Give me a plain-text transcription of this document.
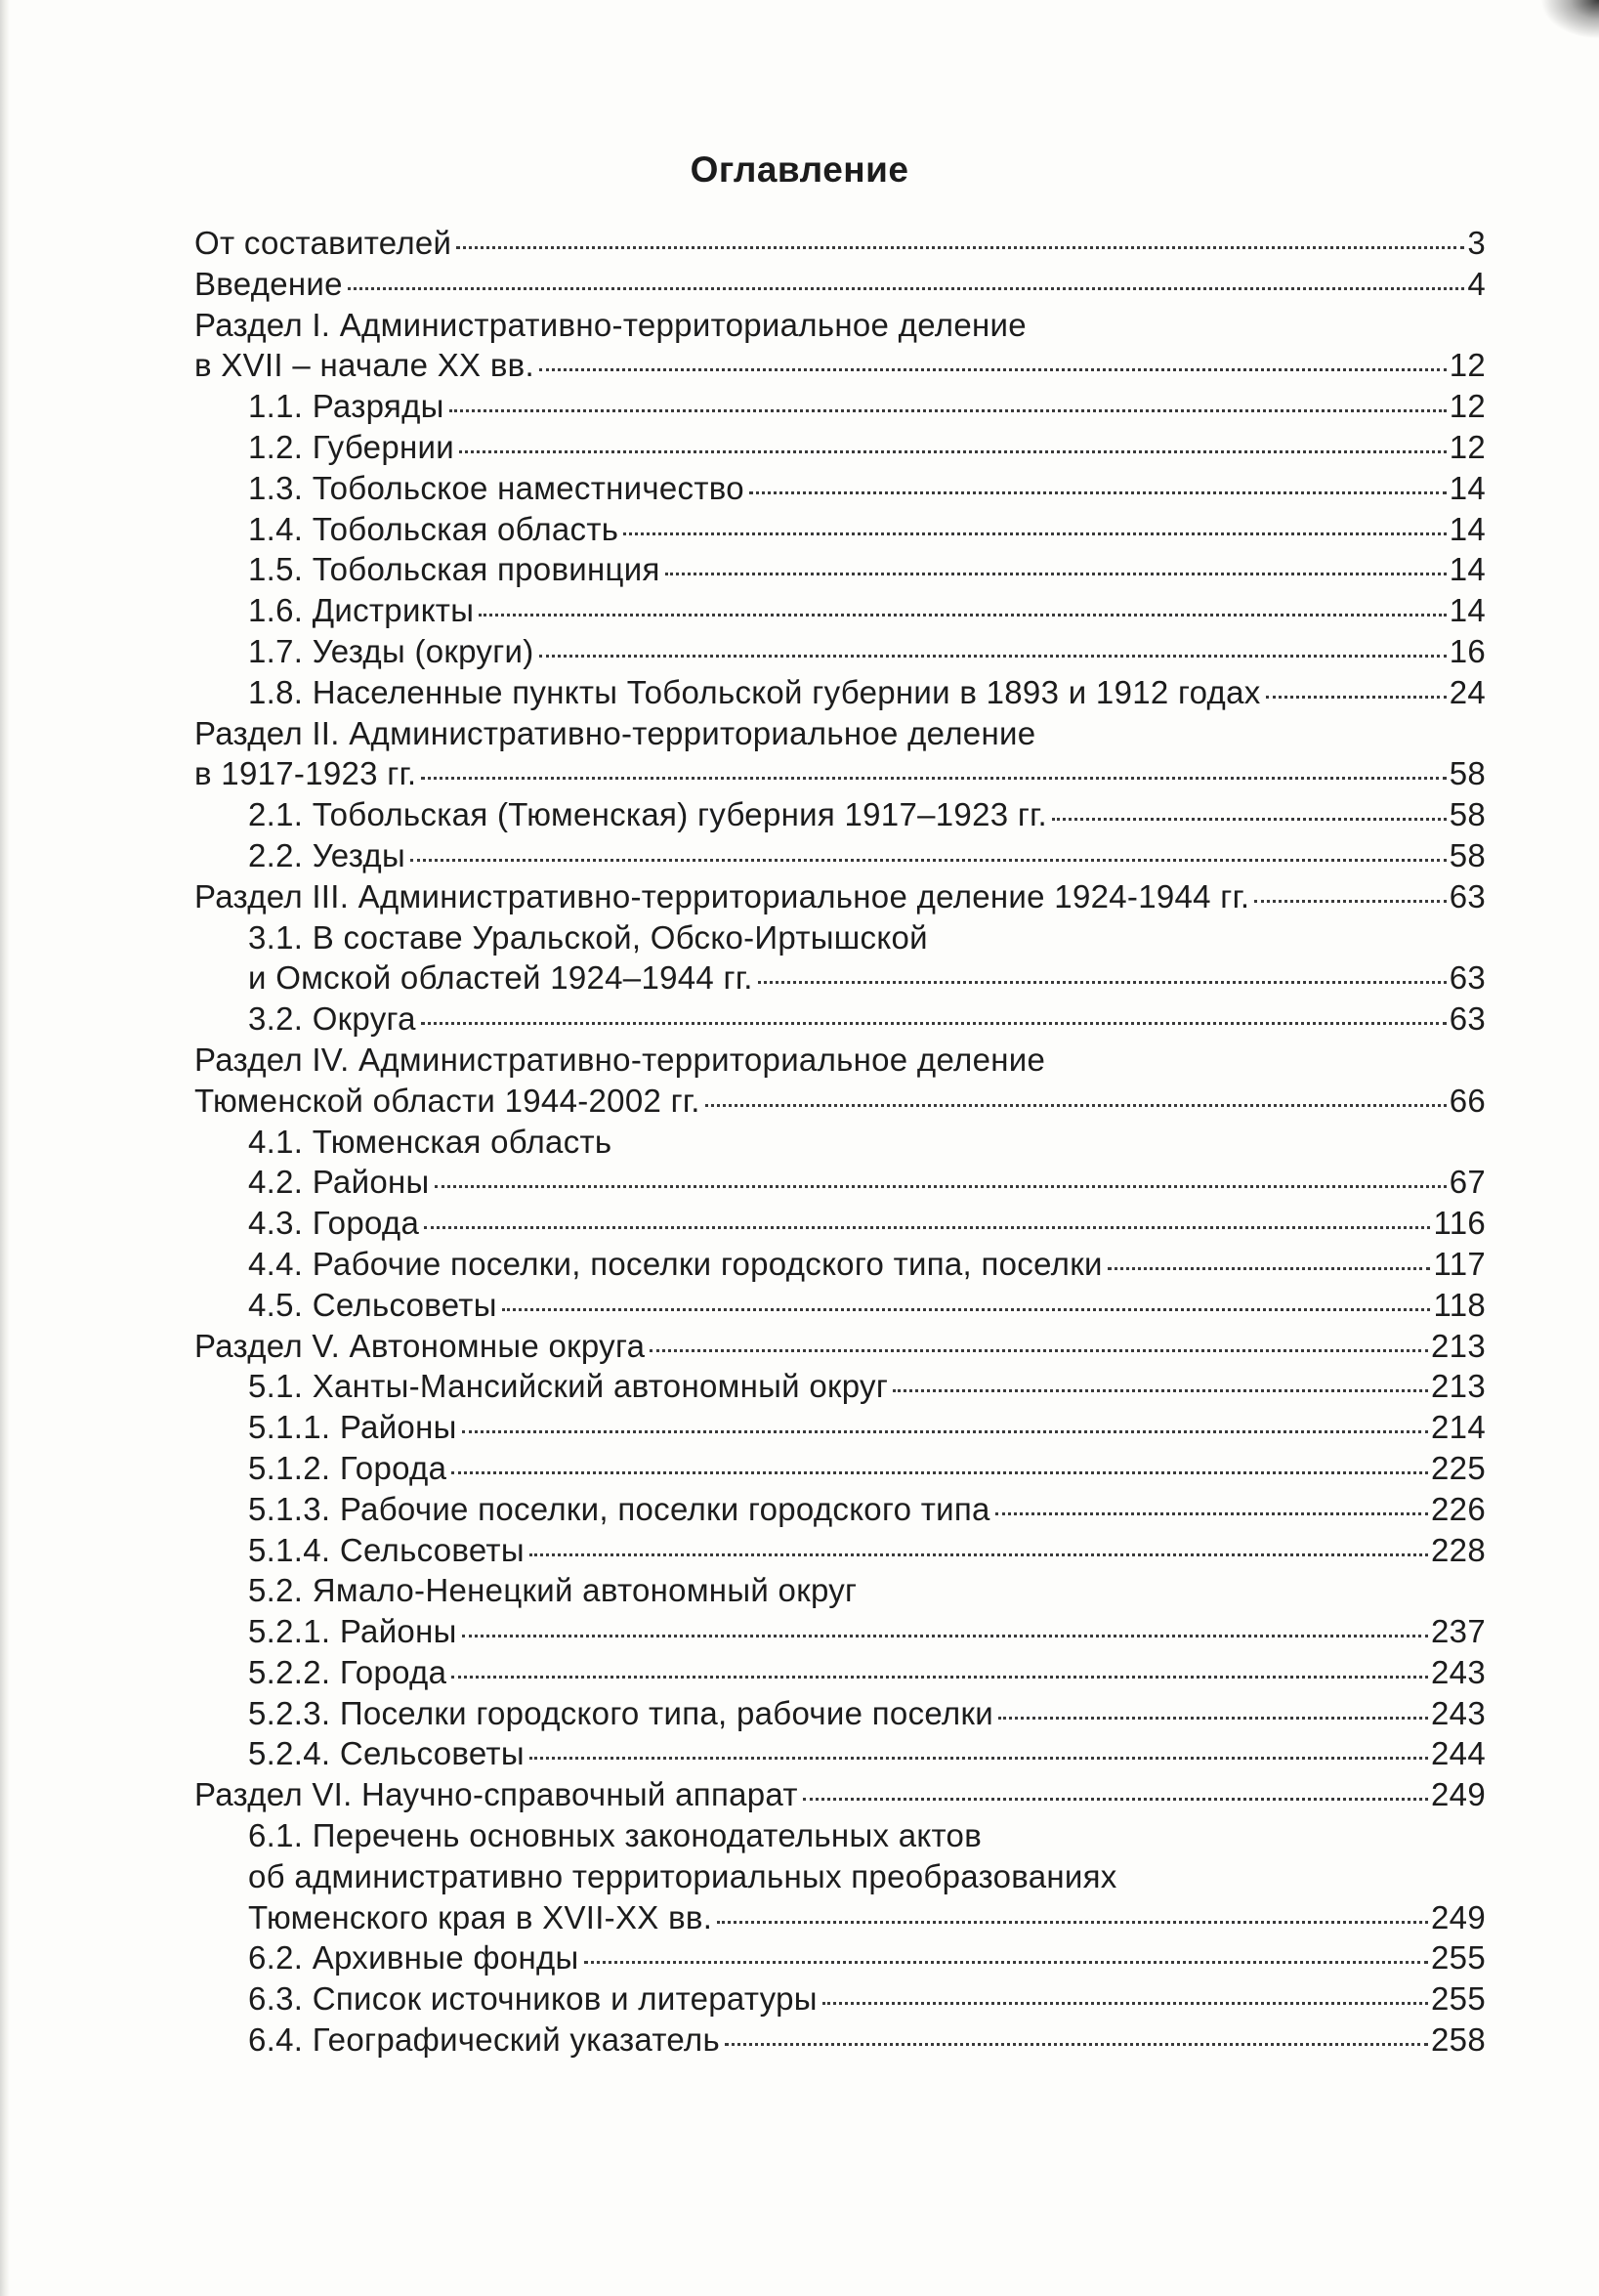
Оглавление
От составителей	3
Введение	4
Раздел I. Административно-территориальное деление
в XVII – начале XX вв.	12
1.1. Разряды	12
1.2. Губернии	12
1.3. Тобольское наместничество	14
1.4. Тобольская область	14
1.5. Тобольская провинция	14
1.6. Дистрикты	14
1.7. Уезды (округи)	16
1.8. Населенные пункты Тобольской губернии в 1893 и 1912 годах	24
Раздел II. Административно-территориальное деление
в 1917-1923 гг.	58
2.1. Тобольская (Тюменская) губерния 1917–1923 гг.	58
2.2. Уезды	58
Раздел III. Административно-территориальное деление 1924-1944 гг.	63
3.1. В составе Уральской, Обско-Иртышской
и Омской областей 1924–1944 гг.	63
3.2. Округа	63
Раздел IV. Административно-территориальное деление
Тюменской области 1944-2002 гг.	66
4.1. Тюменская область
4.2. Районы	67
4.3. Города	116
4.4. Рабочие поселки, поселки городского типа, поселки	117
4.5. Сельсоветы	118
Раздел V. Автономные округа	213
5.1. Ханты-Мансийский автономный округ	213
5.1.1. Районы	214
5.1.2. Города	225
5.1.3. Рабочие поселки, поселки городского типа	226
5.1.4. Сельсоветы	228
5.2. Ямало-Ненецкий автономный округ
5.2.1. Районы	237
5.2.2. Города	243
5.2.3. Поселки городского типа, рабочие поселки	243
5.2.4. Сельсоветы	244
Раздел VI. Научно-справочный аппарат	249
6.1. Перечень основных законодательных актов
об административно территориальных преобразованиях
Тюменского края в XVII-XX вв.	249
6.2. Архивные фонды	255
6.3. Список источников и литературы	255
6.4. Географический указатель	258
